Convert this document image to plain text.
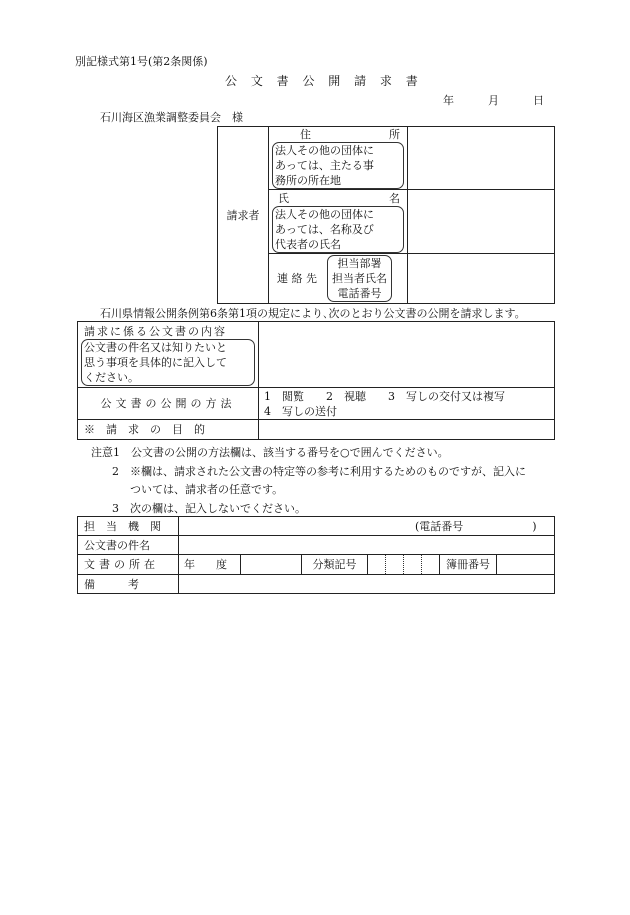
別記様式第1号(第2条関係)
公 文 書 公 開 請 求 書
年	月	日
石川海区漁業調整委員会　様
請求者	住 所
法人その他の団体に
あっては、主たる事
務所の所在地	

	氏 名
法人その他の団体に
あっては、名称及び
代表者の氏名	

	連 絡 先
担当部署
担当者氏名
電話番号	

石川県情報公開条例第6条第1項の規定により､次のとおり公文書の公開を請求します。
請求に係る公文書の内容
公文書の件名又は知りたいと
思う事項を具体的に記入して
ください。	

公文書の公開の方法	1　閲覧　　2　視聴　　3　写しの交付又は複写
4　写しの送付

※　請　求　の　目　的	
注意1　公文書の公開の方法欄は、該当する番号を○で囲んでください。
2　※欄は、請求された公文書の特定等の参考に利用するためのものですが、記入に
ついては、請求者の任意です。
3　次の欄は、記入しないでください。
担　当　機　関	(電話番号 )					
公文書の件名						
文書の所在	年 度		分類記号		簿冊番号	
備　　　考						
